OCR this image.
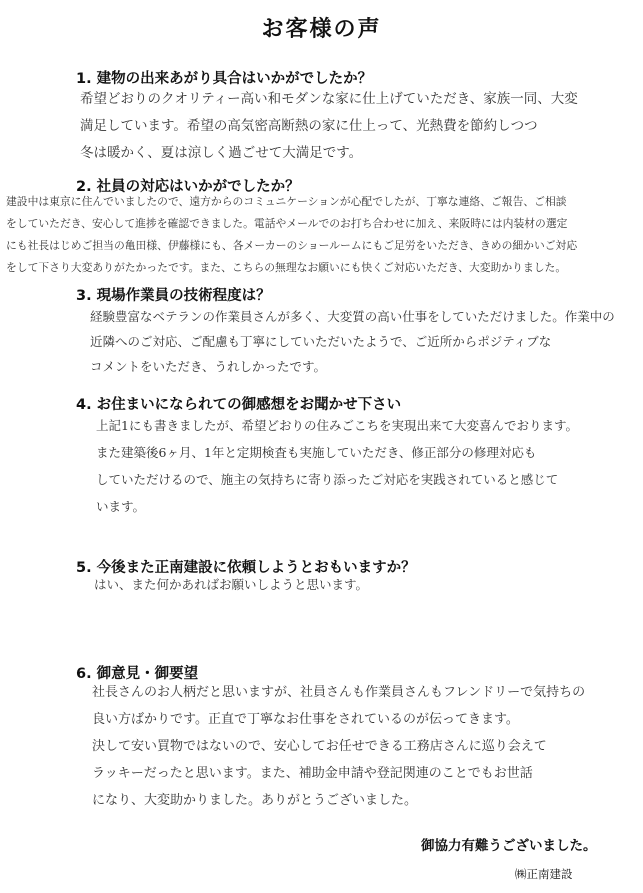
お客様の声
1. 建物の出来あがり具合はいかがでしたか？
希望どおりのクオリティー高い和モダンな家に仕上げていただき、家族一同、大変
満足しています。希望の高気密高断熱の家に仕上って、光熱費を節約しつつ
冬は暖かく、夏は涼しく過ごせて大満足です。
2. 社員の対応はいかがでしたか？
建設中は東京に住んでいましたので、遠方からのコミュニケーションが心配でしたが、丁寧な連絡、ご報告、ご相談
をしていただき、安心して進捗を確認できました。電話やメールでのお打ち合わせに加え、来阪時には内装材の選定
にも社長はじめご担当の亀田様、伊藤様にも、各メーカーのショールームにもご足労をいただき、きめの細かいご対応
をして下さり大変ありがたかったです。また、こちらの無理なお願いにも快くご対応いただき、大変助かりました。
3. 現場作業員の技術程度は？
経験豊富なベテランの作業員さんが多く、大変質の高い仕事をしていただけました。作業中の
近隣へのご対応、ご配慮も丁寧にしていただいたようで、ご近所からポジティブな
コメントをいただき、うれしかったです。
4. お住まいになられての御感想をお聞かせ下さい
上記1にも書きましたが、希望どおりの住みごこちを実現出来て大変喜んでおります。
また建築後6ヶ月、1年と定期検査も実施していただき、修正部分の修理対応も
していただけるので、施主の気持ちに寄り添ったご対応を実践されていると感じて
います。
5. 今後また正南建設に依頼しようとおもいますか？
はい、また何かあればお願いしようと思います。
6. 御意見・御要望
社長さんのお人柄だと思いますが、社員さんも作業員さんもフレンドリーで気持ちの
良い方ばかりです。正直で丁寧なお仕事をされているのが伝ってきます。
決して安い買物ではないので、安心してお任せできる工務店さんに巡り会えて
ラッキーだったと思います。また、補助金申請や登記関連のことでもお世話
になり、大変助かりました。ありがとうございました。
御協力有難うございました。
㈱正南建設
